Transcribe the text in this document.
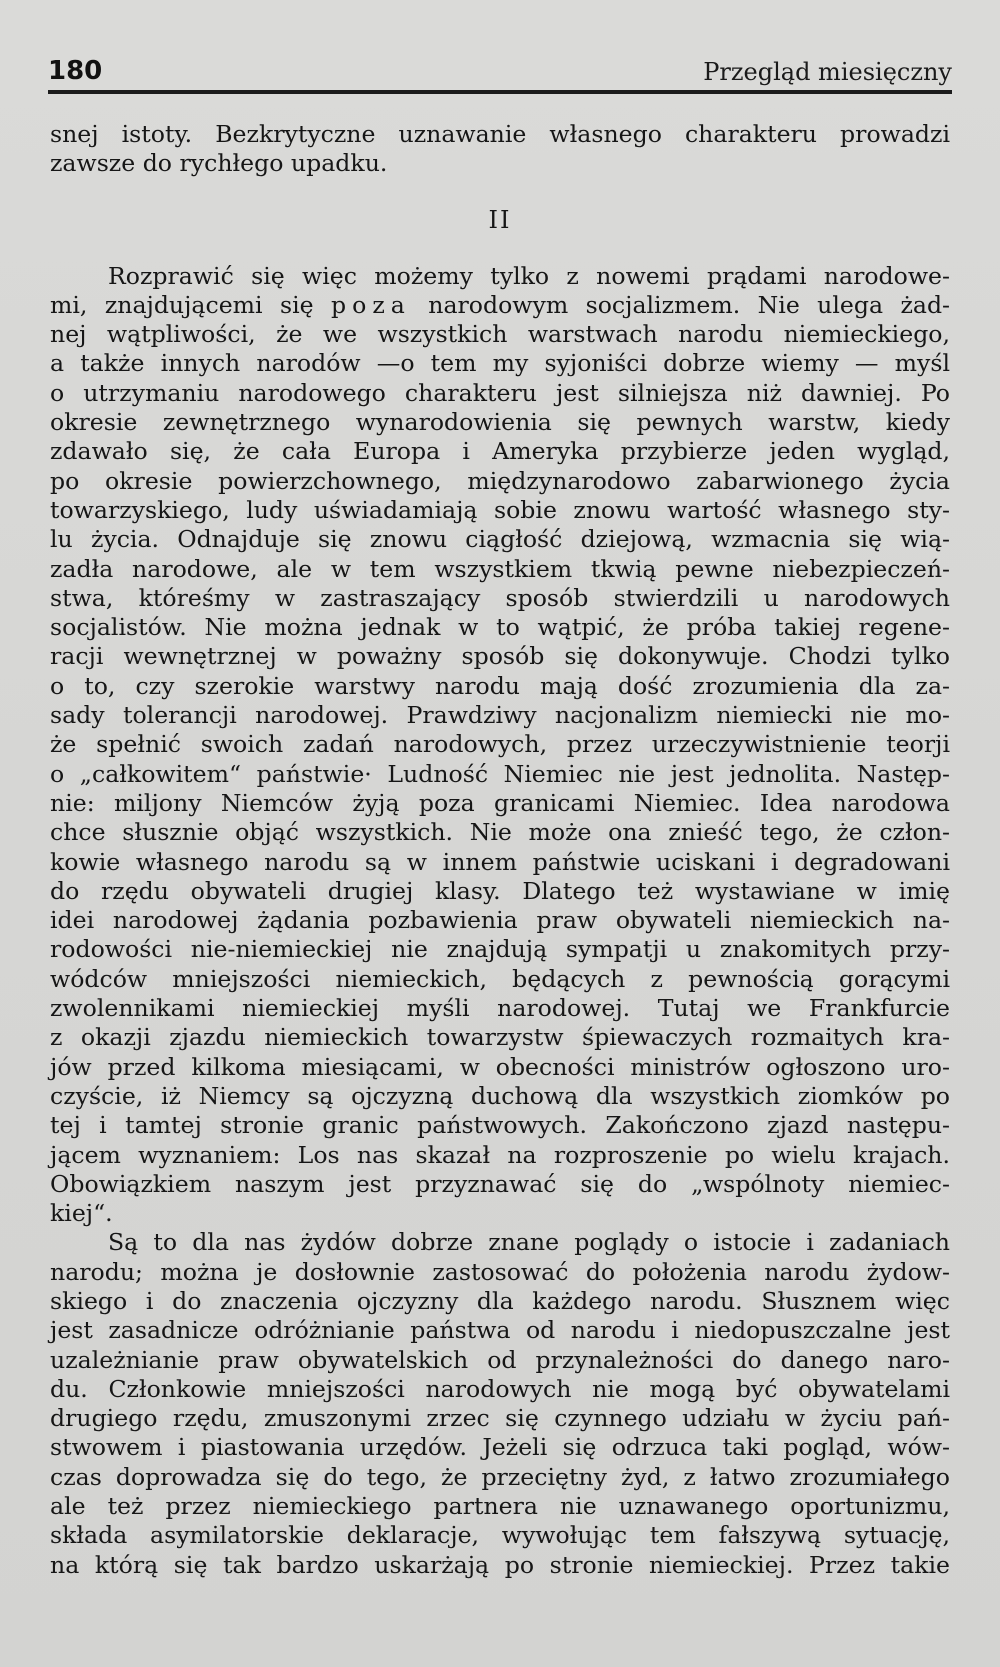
180	Przegląd miesięczny
snej istoty. Bezkrytyczne uznawanie własnego charakteru prowadzi
zawsze do rychłego upadku.
II
Rozprawić się więc możemy tylko z nowemi prądami narodowe-
mi, znajdującemi się poza narodowym socjalizmem. Nie ulega żad-
nej wątpliwości, że we wszystkich warstwach narodu niemieckiego,
a także innych narodów —o tem my syjoniści dobrze wiemy — myśl
o utrzymaniu narodowego charakteru jest silniejsza niż dawniej. Po
okresie zewnętrznego wynarodowienia się pewnych warstw, kiedy
zdawało się, że cała Europa i Ameryka przybierze jeden wygląd,
po okresie powierzchownego, międzynarodowo zabarwionego życia
towarzyskiego, ludy uświadamiają sobie znowu wartość własnego sty-
lu życia. Odnajduje się znowu ciągłość dziejową, wzmacnia się wią-
zadła narodowe, ale w tem wszystkiem tkwią pewne niebezpieczeń-
stwa, któreśmy w zastraszający sposób stwierdzili u narodowych
socjalistów. Nie można jednak w to wątpić, że próba takiej regene-
racji wewnętrznej w poważny sposób się dokonywuje. Chodzi tylko
o to, czy szerokie warstwy narodu mają dość zrozumienia dla za-
sady tolerancji narodowej. Prawdziwy nacjonalizm niemiecki nie mo-
że spełnić swoich zadań narodowych, przez urzeczywistnienie teorji
o „całkowitem“ państwie· Ludność Niemiec nie jest jednolita. Następ-
nie: miljony Niemców żyją poza granicami Niemiec. Idea narodowa
chce słusznie objąć wszystkich. Nie może ona znieść tego, że człon-
kowie własnego narodu są w innem państwie uciskani i degradowani
do rzędu obywateli drugiej klasy. Dlatego też wystawiane w imię
idei narodowej żądania pozbawienia praw obywateli niemieckich na-
rodowości nie-niemieckiej nie znajdują sympatji u znakomitych przy-
wódców mniejszości niemieckich, będących z pewnością gorącymi
zwolennikami niemieckiej myśli narodowej. Tutaj we Frankfurcie
z okazji zjazdu niemieckich towarzystw śpiewaczych rozmaitych kra-
jów przed kilkoma miesiącami, w obecności ministrów ogłoszono uro-
czyście, iż Niemcy są ojczyzną duchową dla wszystkich ziomków po
tej i tamtej stronie granic państwowych. Zakończono zjazd następu-
jącem wyznaniem: Los nas skazał na rozproszenie po wielu krajach.
Obowiązkiem naszym jest przyznawać się do „wspólnoty niemiec-
kiej“.
Są to dla nas żydów dobrze znane poglądy o istocie i zadaniach
narodu; można je dosłownie zastosować do położenia narodu żydow-
skiego i do znaczenia ojczyzny dla każdego narodu. Słusznem więc
jest zasadnicze odróżnianie państwa od narodu i niedopuszczalne jest
uzależnianie praw obywatelskich od przynależności do danego naro-
du. Członkowie mniejszości narodowych nie mogą być obywatelami
drugiego rzędu, zmuszonymi zrzec się czynnego udziału w życiu pań-
stwowem i piastowania urzędów. Jeżeli się odrzuca taki pogląd, wów-
czas doprowadza się do tego, że przeciętny żyd, z łatwo zrozumiałego
ale też przez niemieckiego partnera nie uznawanego oportunizmu,
składa asymilatorskie deklaracje, wywołując tem fałszywą sytuację,
na którą się tak bardzo uskarżają po stronie niemieckiej. Przez takie
